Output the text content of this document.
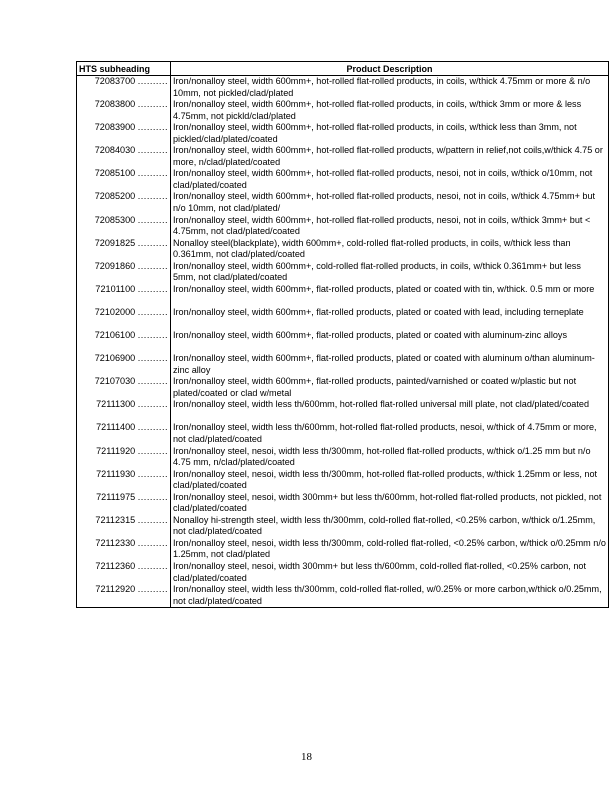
HTS subheading	Product Description
72083700 ..........	Iron/nonalloy steel, width 600mm+, hot-rolled flat-rolled products, in coils, w/thick 4.75mm or more & n/o 10mm, not pickled/clad/plated
72083800 ..........	Iron/nonalloy steel, width 600mm+, hot-rolled flat-rolled products, in coils, w/thick 3mm or more & less 4.75mm, not pickld/clad/plated
72083900 ..........	Iron/nonalloy steel, width 600mm+, hot-rolled flat-rolled products, in coils, w/thick less than 3mm, not pickled/clad/plated/coated
72084030 ..........	Iron/nonalloy steel, width 600mm+, hot-rolled flat-rolled products, w/pattern in relief,not coils,w/thick 4.75 or more, n/clad/plated/coated
72085100 ..........	Iron/nonalloy steel, width 600mm+, hot-rolled flat-rolled products, nesoi, not in coils, w/thick o/10mm, not clad/plated/coated
72085200 ..........	Iron/nonalloy steel, width 600mm+, hot-rolled flat-rolled products, nesoi, not in coils, w/thick 4.75mm+ but n/o 10mm, not clad/plated/
72085300 ..........	Iron/nonalloy steel, width 600mm+, hot-rolled flat-rolled products, nesoi, not in coils, w/thick 3mm+ but < 4.75mm, not clad/plated/coated
72091825 ..........	Nonalloy steel(blackplate), width 600mm+, cold-rolled flat-rolled products, in coils, w/thick less than 0.361mm, not clad/plated/coated
72091860 ..........	Iron/nonalloy steel, width 600mm+, cold-rolled flat-rolled products, in coils, w/thick 0.361mm+ but less 5mm, not clad/plated/coated
72101100 ..........	Iron/nonalloy steel, width 600mm+, flat-rolled products, plated or coated with tin, w/thick. 0.5 mm or more
72102000 ..........	Iron/nonalloy steel, width 600mm+, flat-rolled products, plated or coated with lead, including terneplate
72106100 ..........	Iron/nonalloy steel, width 600mm+, flat-rolled products, plated or coated with aluminum-zinc alloys
72106900 ..........	Iron/nonalloy steel, width 600mm+, flat-rolled products, plated or coated with aluminum o/than aluminum-zinc alloy
72107030 ..........	Iron/nonalloy steel, width 600mm+, flat-rolled products, painted/varnished or coated w/plastic but not plated/coated or clad w/metal
72111300 ..........	Iron/nonalloy steel, width less th/600mm, hot-rolled flat-rolled universal mill plate, not clad/plated/coated
72111400 ..........	Iron/nonalloy steel, width less th/600mm, hot-rolled flat-rolled products, nesoi, w/thick of 4.75mm or more, not clad/plated/coated
72111920 ..........	Iron/nonalloy steel, nesoi, width less th/300mm, hot-rolled flat-rolled products, w/thick o/1.25 mm but n/o 4.75 mm, n/clad/plated/coated
72111930 ..........	Iron/nonalloy steel, nesoi, width less th/300mm, hot-rolled flat-rolled products, w/thick 1.25mm or less, not clad/plated/coated
72111975 ..........	Iron/nonalloy steel, nesoi, width 300mm+ but less th/600mm, hot-rolled flat-rolled products, not pickled, not clad/plated/coated
72112315 ..........	Nonalloy hi-strength steel, width less th/300mm, cold-rolled flat-rolled, <0.25% carbon, w/thick o/1.25mm, not clad/plated/coated
72112330 ..........	Iron/nonalloy steel, nesoi, width less th/300mm, cold-rolled flat-rolled, <0.25% carbon, w/thick o/0.25mm n/o 1.25mm, not clad/plated
72112360 ..........	Iron/nonalloy steel, nesoi, width 300mm+ but less th/600mm, cold-rolled flat-rolled, <0.25% carbon, not clad/plated/coated
72112920 ..........	Iron/nonalloy steel, width less th/300mm, cold-rolled flat-rolled, w/0.25% or more carbon,w/thick o/0.25mm, not clad/plated/coated
18
